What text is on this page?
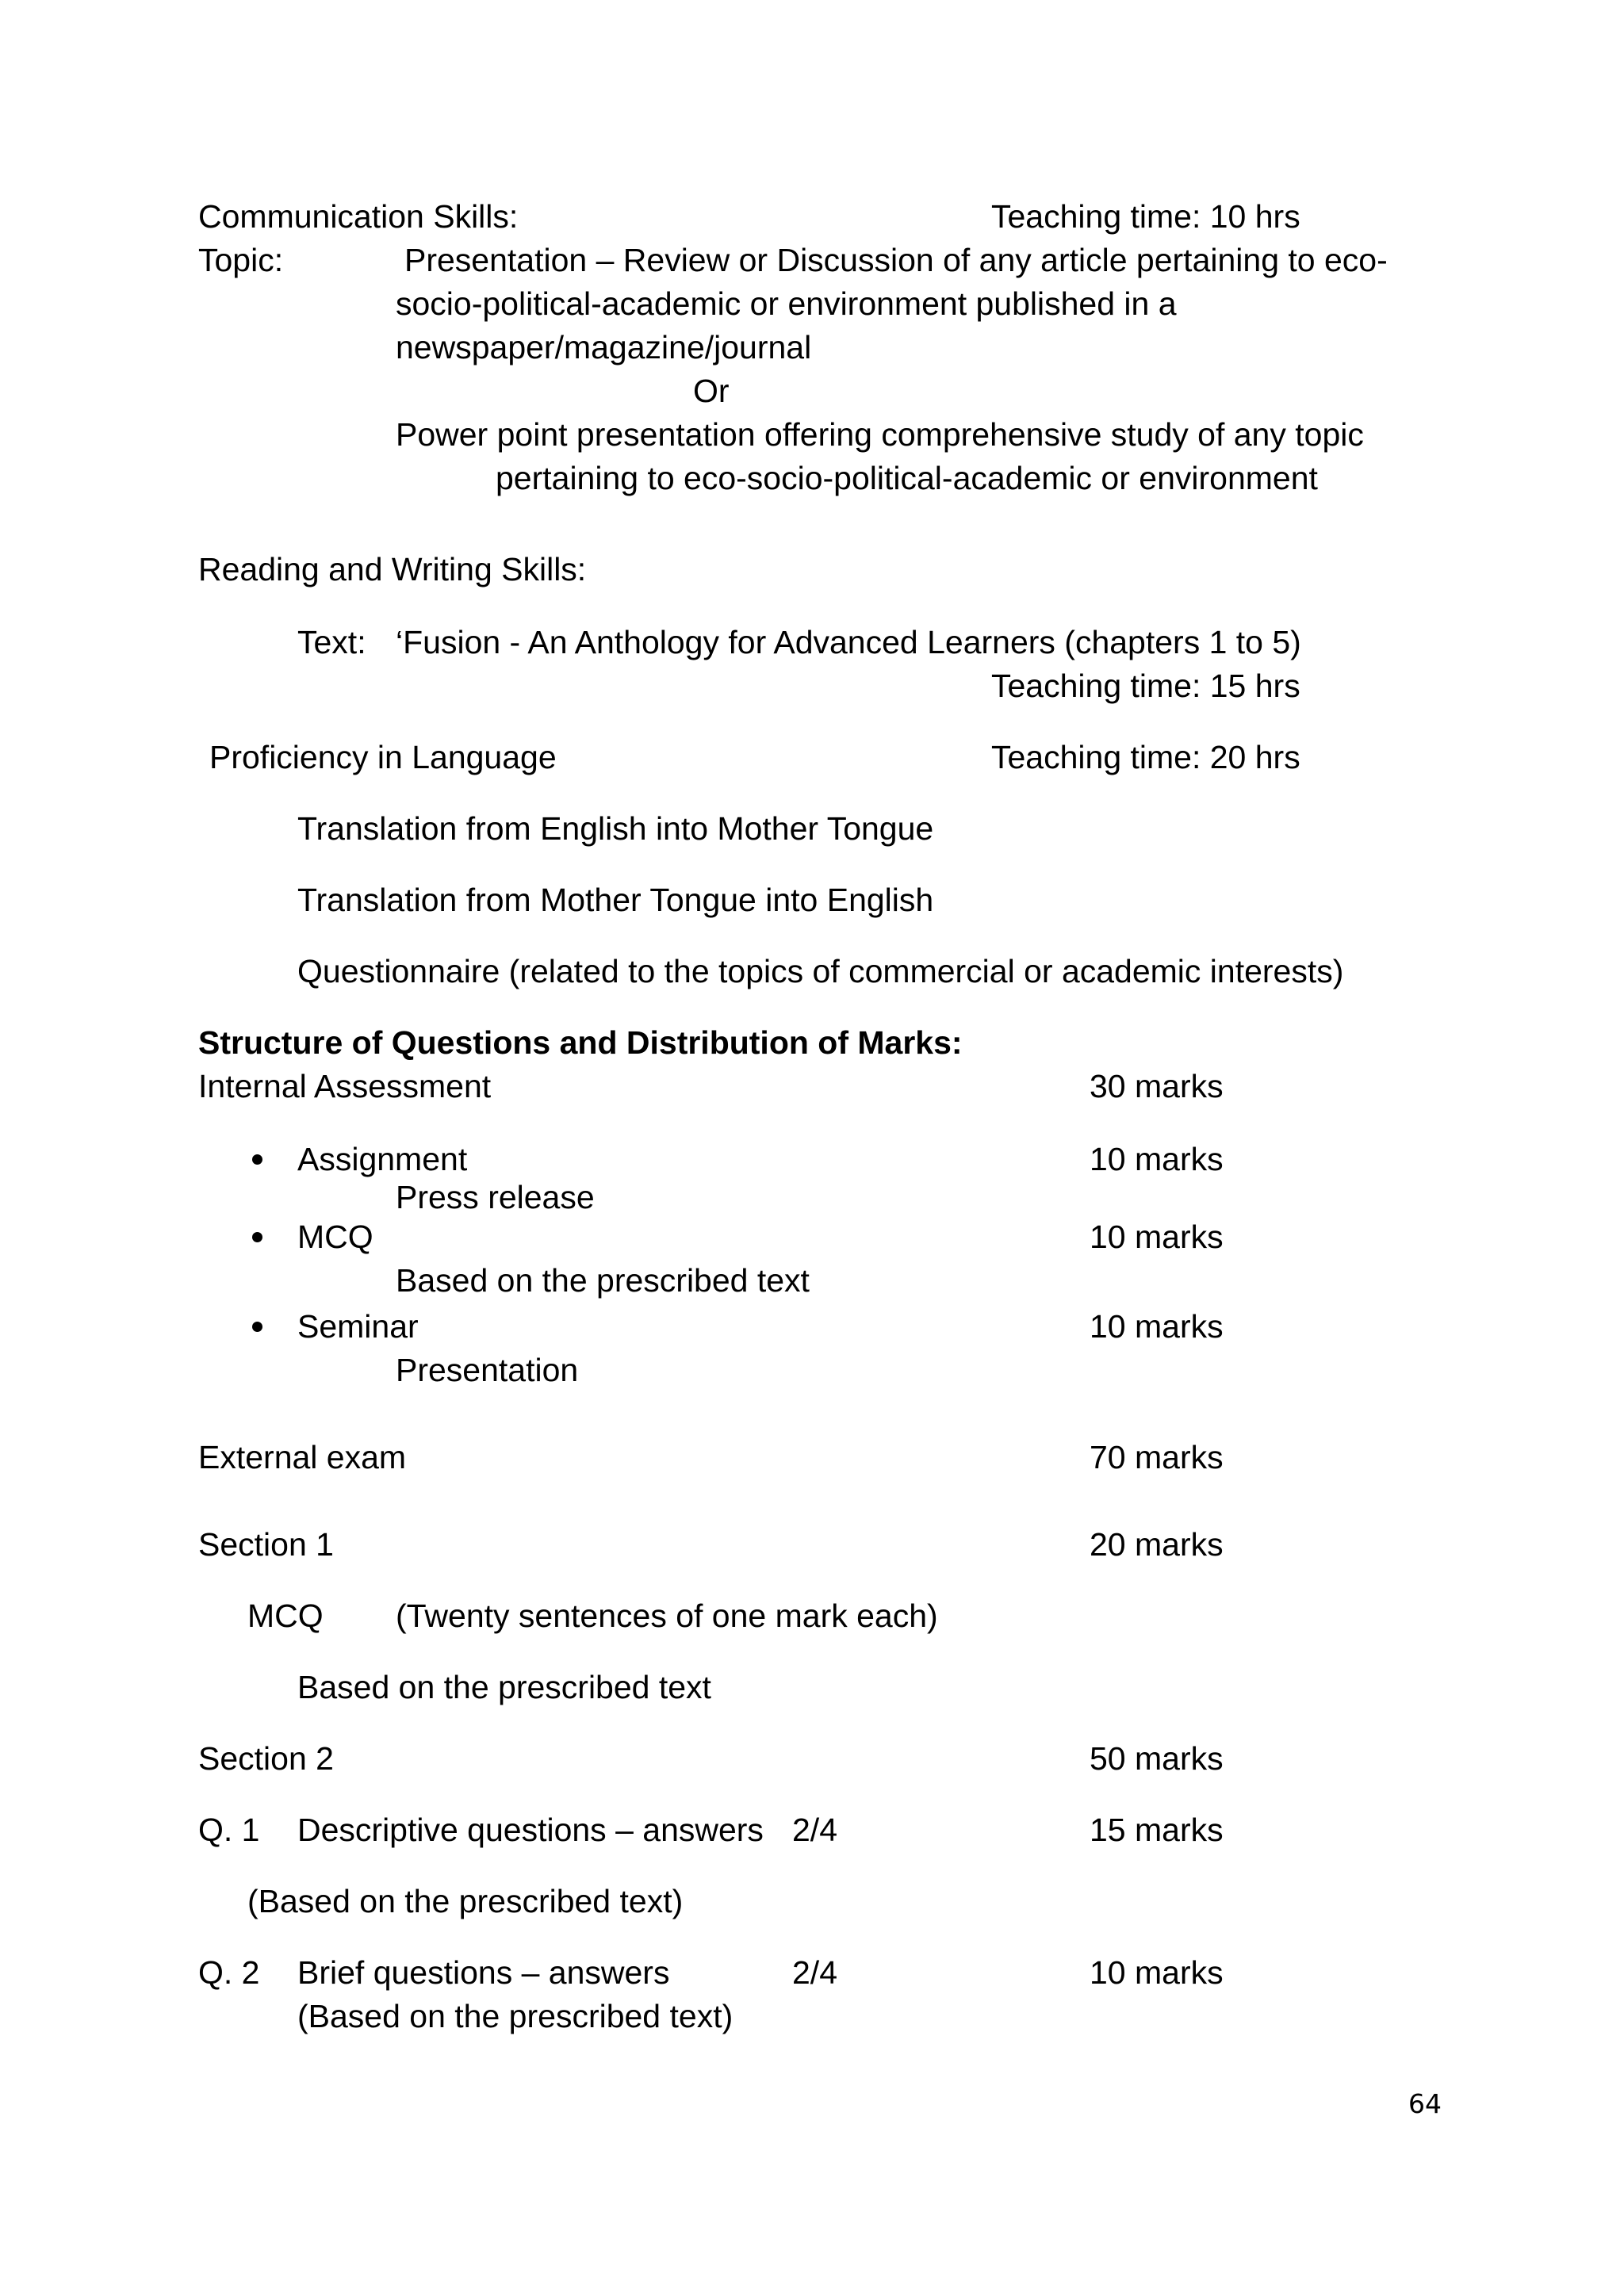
Communication Skills:	Teaching time: 10 hrs
Topic:	Presentation – Review or Discussion of any article pertaining to eco-
socio-political-academic or environment published in a
newspaper/magazine/journal
Or
Power point presentation offering comprehensive study of any topic
pertaining to eco-socio-political-academic or environment
Reading and Writing Skills:
Text: ‘Fusion - An Anthology for Advanced Learners (chapters 1 to 5)
Teaching time: 15 hrs
Proficiency in Language	Teaching time: 20 hrs
Translation from English into Mother Tongue
Translation from Mother Tongue into English
Questionnaire (related to the topics of commercial or academic interests)
Structure of Questions and Distribution of Marks:
Internal Assessment	30 marks
Assignment	10 marks
Press release
MCQ	10 marks
Based on the prescribed text
Seminar	10 marks
Presentation
External exam	70 marks
Section 1	20 marks
MCQ (Twenty sentences of one mark each)
Based on the prescribed text
Section 2	50 marks
Q. 1 Descriptive questions – answers 2/4	15 marks
(Based on the prescribed text)
Q. 2 Brief questions – answers	2/4	10 marks
(Based on the prescribed text)
64
